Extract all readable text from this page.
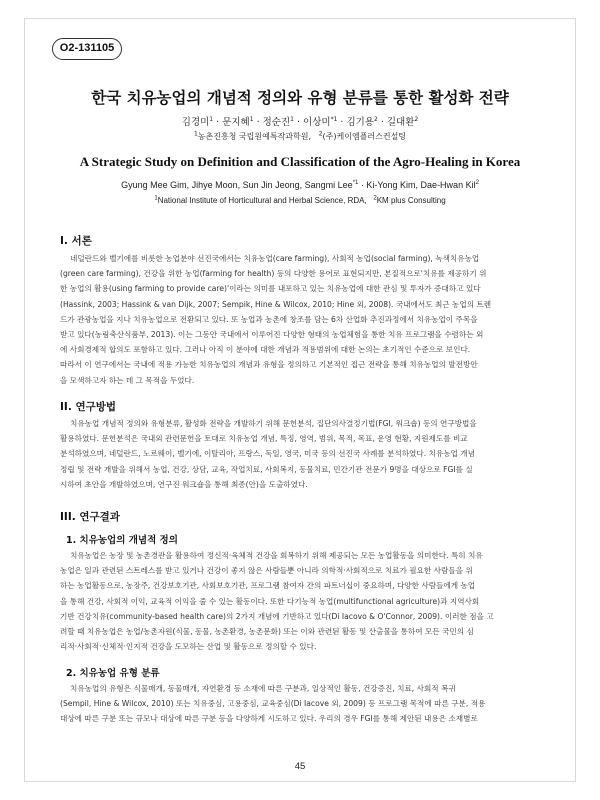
O2-131105
한국 치유농업의 개념적 정의와 유형 분류를 통한 활성화 전략
김경미$^1$ · 문지혜$^1$ · 정순진$^1$ · 이상미$^{*1}$ · 김기용$^2$ · 길대환$^2$
$^1$농촌진흥청 국립원예특작과학원, $^2$(주)케이엠플러스컨설팅
A Strategic Study on Definition and Classification of the Agro-Healing in Korea
Gyung Mee Gim, Jihye Moon, Sun Jin Jeong, Sangmi Lee$^{*1}$ · Ki-Yong Kim, Dae-Hwan Kil$^2$
$^1$National Institute of Horticultural and Herbal Science, RDA, $^2$KM plus Consulting
I. 서론
네덜란드와 벨기에를 비롯한 농업분야 선진국에서는 치유농업(care farming), 사회적 농업(social farming), 녹색치유농업
(green care farming), 건강을 위한 농업(farming for health) 등의 다양한 용어로 표현되지만, 본질적으로'치유를 제공하기 위
한 농업의 활용(using farming to provide care)'이라는 의미를 내포하고 있는 치유농업에 대한 관심 및 투자가 증대하고 있다
(Hassink, 2003; Hassink & van Dijk, 2007; Sempik, Hine & Wilcox, 2010; Hine 외, 2008). 국내에서도 최근 농업의 트렌
드가 관광농업을 지나 치유농업으로 전환되고 있다. 또 농업과 농촌에 창조를 담는 6차 산업화 추진과정에서 치유농업이 주목을
받고 있다(농림축산식품부, 2013). 이는 그동안 국내에서 이루어진 다양한 형태의 농업체험을 통한 치유 프로그램을 수렴하는 외
에 사회경제적 합의도 포함하고 있다. 그러나 아직 이 분야에 대한 개념과 적용범위에 대한 논의는 초기적인 수준으로 보인다.
따라서 이 연구에서는 국내에 적용 가능한 치유농업의 개념과 유형을 정의하고 기본적인 접근 전략을 통해 치유농업의 발전방안
을 모색하고자 하는 데 그 목적을 두었다.
II. 연구방법
치유농업 개념적 정의와 유형분류, 활성화 전략을 개발하기 위해 문헌분석, 집단의사결정기법(FGI, 워크숍) 등의 연구방법을
활용하였다. 문헌분석은 국내외 관련문헌을 토대로 치유농업 개념, 특징, 영역, 범위, 목적, 목표, 운영 현황, 지원제도를 비교
분석하였으며, 네덜란드, 노르웨이, 벨기에, 이탈리아, 프랑스, 독일, 영국, 미국 등의 선진국 사례를 분석하였다. 치유농업 개념
정립 및 전략 개발을 위해서 농업, 건강, 상담, 교육, 작업치료, 사회복지, 동물치료, 민간기관 전문가 9명을 대상으로 FGI를 실
시하여 초안을 개발하였으며, 연구진 워크숍을 통해 최종(안)을 도출하였다.
III. 연구결과
1. 치유농업의 개념적 정의
치유농업은 농장 및 농촌경관을 활용하여 정신적·육체적 건강을 회복하기 위해 제공되는 모든 농업활동을 의미한다. 특히 치유
농업은 일과 관련된 스트레스를 받고 있거나 건강이 좋지 않은 사람들뿐 아니라 의학적·사회적으로 치료가 필요한 사람들을 위
하는 농업활동으로, 농장주, 건강보호기관, 사회보호기관, 프로그램 참여자 간의 파트너십이 중요하며, 다양한 사람들에게 농업
을 통해 건강, 사회적 이익, 교육적 이익을 줄 수 있는 활동이다. 또한 다기능적 농업(multifunctional agriculture)과 지역사회
기반 건강치유(community-based health care)의 2가지 개념에 기반하고 있다(Di Iacovo & O'Connor, 2009). 이러한 점을 고
려할 때 치유농업은 농업/농촌자원(식물, 동물, 농촌환경, 농촌문화) 또는 이와 관련된 활동 및 산출물을 통하여 모든 국민의 심
리적·사회적·신체적·인지적 건강을 도모하는 산업 및 활동으로 정의할 수 있다.
2. 치유농업 유형 분류
치유농업의 유형은 식물매개, 동물매개, 자연환경 등 소재에 따른 구분과, 일상적인 활동, 건강증진, 치료, 사회적 복귀
(Sempil, Hine & Wilcox, 2010) 또는 치유중심, 고용중심, 교육중심(Di Iacove 외, 2009) 등 프로그램 목적에 따른 구분, 적용
대상에 따른 구분 또는 규모나 대상에 따른 구분 등을 다양하게 시도하고 있다. 우리의 경우 FGI를 통해 제안된 내용은 소재별로
45
